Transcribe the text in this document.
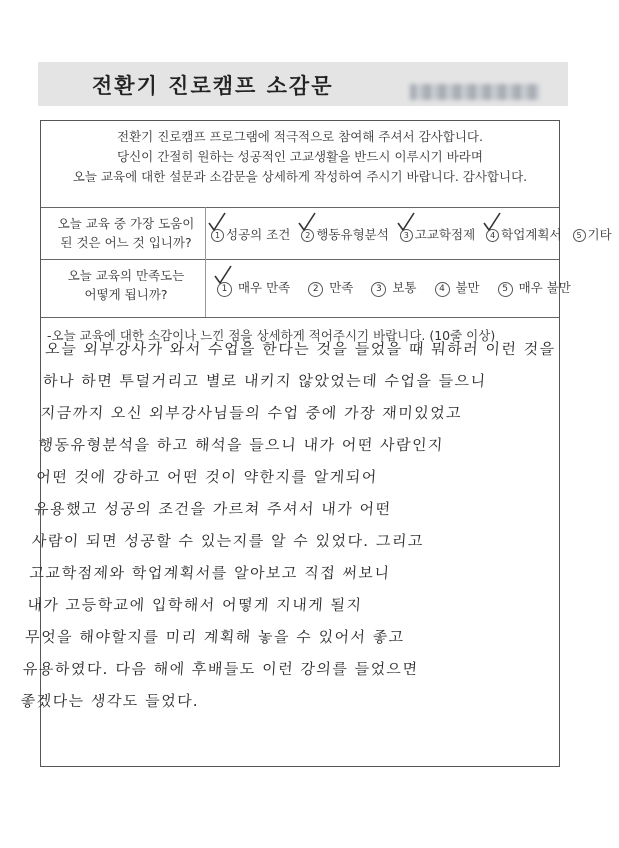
전환기 진로캠프 소감문
전환기 진로캠프 프로그램에 적극적으로 참여해 주셔서 감사합니다.
당신이 간절히 원하는 성공적인 고교생활을 반드시 이루시기 바라며
오늘 교육에 대한 설문과 소감문을 상세하게 작성하여 주시기 바랍니다. 감사합니다.
오늘 교육 중 가장 도움이
된 것은 어느 것 입니까?	1 성공의 조건 2 행동유형분석 3 고교학점제 4 학업계획서 5 기타
오늘 교육의 만족도는
어떻게 됩니까?	1 매우 만족	2 만족	3 보통	4 불만	5 매우 불만
-오늘 교육에 대한 소감이나 느낀 점을 상세하게 적어주시기 바랍니다. (10줄 이상)
오늘 외부강사가 와서 수업을 한다는 것을 들었을 때 뭐하러 이런 것을
하나 하면 투덜거리고 별로 내키지 않았었는데 수업을 들으니
지금까지 오신 외부강사님들의 수업 중에 가장 재미있었고
행동유형분석을 하고 해석을 들으니 내가 어떤 사람인지
어떤 것에 강하고 어떤 것이 약한지를 알게되어
유용했고 성공의 조건을 가르쳐 주셔서 내가 어떤
사람이 되면 성공할 수 있는지를 알 수 있었다. 그리고
고교학점제와 학업계획서를 알아보고 직접 써보니
내가 고등학교에 입학해서 어떻게 지내게 될지
무엇을 해야할지를 미리 계획해 놓을 수 있어서 좋고
유용하였다. 다음 해에 후배들도 이런 강의를 들었으면
좋겠다는 생각도 들었다.
